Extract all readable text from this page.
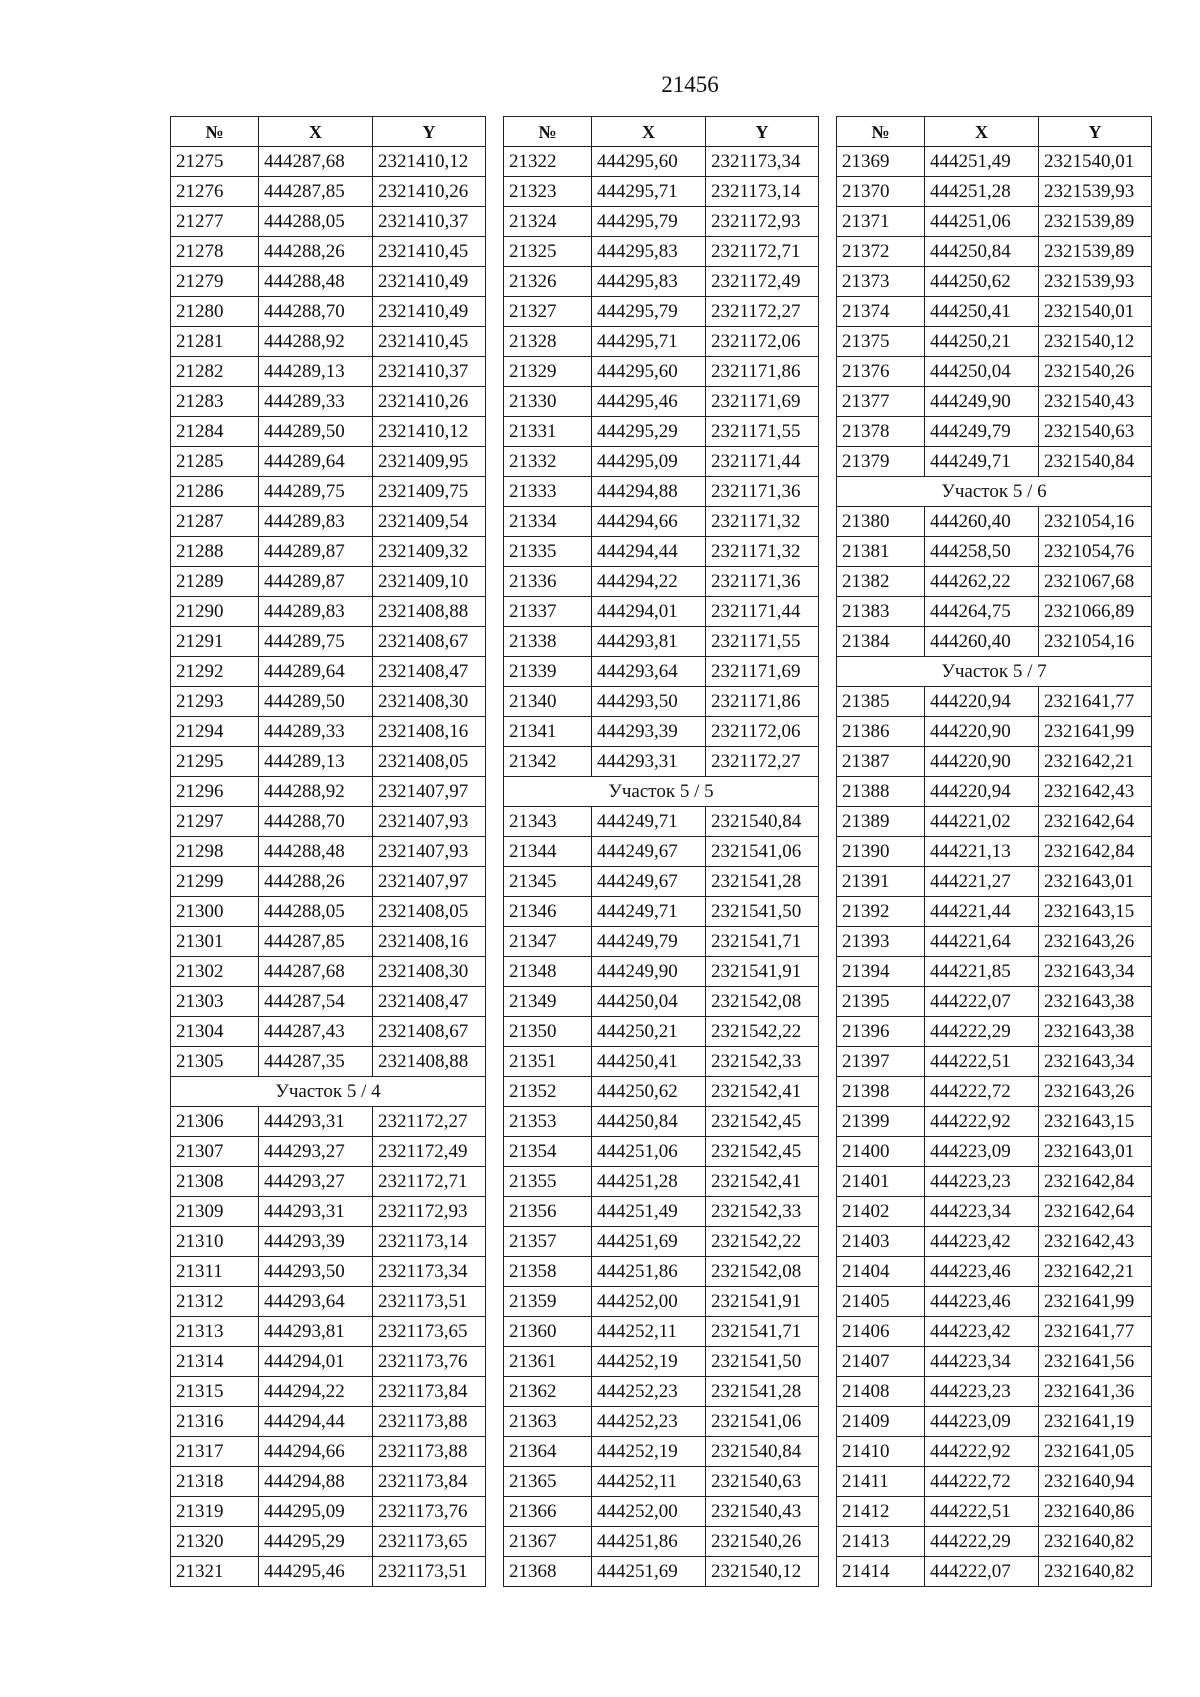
21456
№	X	Y
21275	444287,68	2321410,12
21276	444287,85	2321410,26
21277	444288,05	2321410,37
21278	444288,26	2321410,45
21279	444288,48	2321410,49
21280	444288,70	2321410,49
21281	444288,92	2321410,45
21282	444289,13	2321410,37
21283	444289,33	2321410,26
21284	444289,50	2321410,12
21285	444289,64	2321409,95
21286	444289,75	2321409,75
21287	444289,83	2321409,54
21288	444289,87	2321409,32
21289	444289,87	2321409,10
21290	444289,83	2321408,88
21291	444289,75	2321408,67
21292	444289,64	2321408,47
21293	444289,50	2321408,30
21294	444289,33	2321408,16
21295	444289,13	2321408,05
21296	444288,92	2321407,97
21297	444288,70	2321407,93
21298	444288,48	2321407,93
21299	444288,26	2321407,97
21300	444288,05	2321408,05
21301	444287,85	2321408,16
21302	444287,68	2321408,30
21303	444287,54	2321408,47
21304	444287,43	2321408,67
21305	444287,35	2321408,88
Участок 5 / 4		
21306	444293,31	2321172,27
21307	444293,27	2321172,49
21308	444293,27	2321172,71
21309	444293,31	2321172,93
21310	444293,39	2321173,14
21311	444293,50	2321173,34
21312	444293,64	2321173,51
21313	444293,81	2321173,65
21314	444294,01	2321173,76
21315	444294,22	2321173,84
21316	444294,44	2321173,88
21317	444294,66	2321173,88
21318	444294,88	2321173,84
21319	444295,09	2321173,76
21320	444295,29	2321173,65
21321	444295,46	2321173,51
№	X	Y
21322	444295,60	2321173,34
21323	444295,71	2321173,14
21324	444295,79	2321172,93
21325	444295,83	2321172,71
21326	444295,83	2321172,49
21327	444295,79	2321172,27
21328	444295,71	2321172,06
21329	444295,60	2321171,86
21330	444295,46	2321171,69
21331	444295,29	2321171,55
21332	444295,09	2321171,44
21333	444294,88	2321171,36
21334	444294,66	2321171,32
21335	444294,44	2321171,32
21336	444294,22	2321171,36
21337	444294,01	2321171,44
21338	444293,81	2321171,55
21339	444293,64	2321171,69
21340	444293,50	2321171,86
21341	444293,39	2321172,06
21342	444293,31	2321172,27
Участок 5 / 5		
21343	444249,71	2321540,84
21344	444249,67	2321541,06
21345	444249,67	2321541,28
21346	444249,71	2321541,50
21347	444249,79	2321541,71
21348	444249,90	2321541,91
21349	444250,04	2321542,08
21350	444250,21	2321542,22
21351	444250,41	2321542,33
21352	444250,62	2321542,41
21353	444250,84	2321542,45
21354	444251,06	2321542,45
21355	444251,28	2321542,41
21356	444251,49	2321542,33
21357	444251,69	2321542,22
21358	444251,86	2321542,08
21359	444252,00	2321541,91
21360	444252,11	2321541,71
21361	444252,19	2321541,50
21362	444252,23	2321541,28
21363	444252,23	2321541,06
21364	444252,19	2321540,84
21365	444252,11	2321540,63
21366	444252,00	2321540,43
21367	444251,86	2321540,26
21368	444251,69	2321540,12
№	X	Y
21369	444251,49	2321540,01
21370	444251,28	2321539,93
21371	444251,06	2321539,89
21372	444250,84	2321539,89
21373	444250,62	2321539,93
21374	444250,41	2321540,01
21375	444250,21	2321540,12
21376	444250,04	2321540,26
21377	444249,90	2321540,43
21378	444249,79	2321540,63
21379	444249,71	2321540,84
Участок 5 / 6		
21380	444260,40	2321054,16
21381	444258,50	2321054,76
21382	444262,22	2321067,68
21383	444264,75	2321066,89
21384	444260,40	2321054,16
Участок 5 / 7		
21385	444220,94	2321641,77
21386	444220,90	2321641,99
21387	444220,90	2321642,21
21388	444220,94	2321642,43
21389	444221,02	2321642,64
21390	444221,13	2321642,84
21391	444221,27	2321643,01
21392	444221,44	2321643,15
21393	444221,64	2321643,26
21394	444221,85	2321643,34
21395	444222,07	2321643,38
21396	444222,29	2321643,38
21397	444222,51	2321643,34
21398	444222,72	2321643,26
21399	444222,92	2321643,15
21400	444223,09	2321643,01
21401	444223,23	2321642,84
21402	444223,34	2321642,64
21403	444223,42	2321642,43
21404	444223,46	2321642,21
21405	444223,46	2321641,99
21406	444223,42	2321641,77
21407	444223,34	2321641,56
21408	444223,23	2321641,36
21409	444223,09	2321641,19
21410	444222,92	2321641,05
21411	444222,72	2321640,94
21412	444222,51	2321640,86
21413	444222,29	2321640,82
21414	444222,07	2321640,82
